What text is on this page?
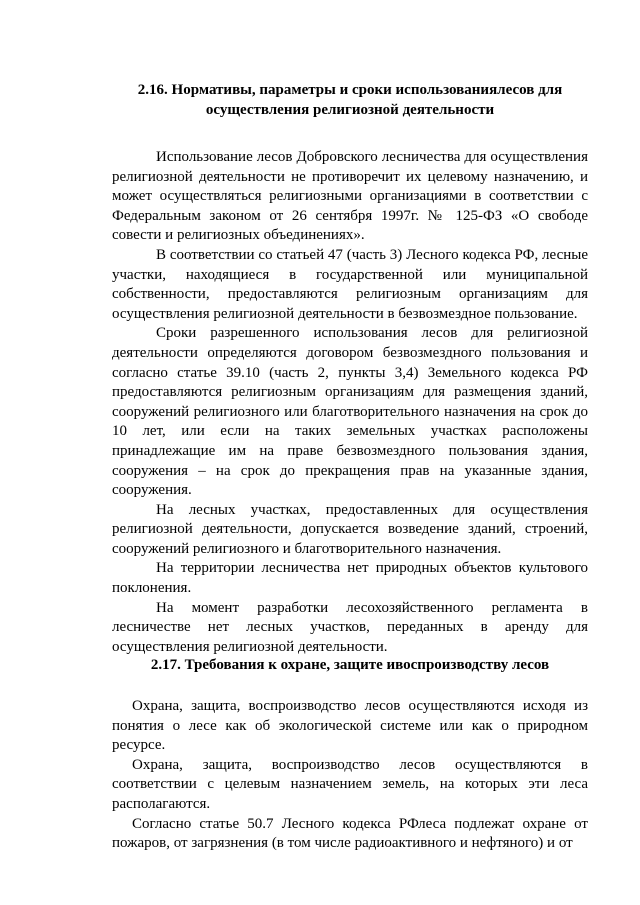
2.16. Нормативы, параметры и сроки использованиялесов для осуществления религиозной деятельности

Использование лесов Добровского лесничества для осуществления религиозной деятельности не противоречит их целевому назначению, и может осуществляться религиозными организациями в соответствии с Федеральным законом от 26 сентября 1997г. № 125-ФЗ «О свободе совести и религиозных объединениях».

В соответствии со статьей 47 (часть 3) Лесного кодекса РФ, лесные участки, находящиеся в государственной или муниципальной собственности, предоставляются религиозным организациям для осуществления религиозной деятельности в безвозмездное пользование.

Сроки разрешенного использования лесов для религиозной деятельности определяются договором безвозмездного пользования и согласно статье 39.10 (часть 2, пункты 3,4) Земельного кодекса РФ предоставляются религиозным организациям для размещения зданий, сооружений религиозного или благотворительного назначения на срок до 10 лет, или если на таких земельных участках расположены принадлежащие им на праве безвозмездного пользования здания, сооружения – на срок до прекращения прав на указанные здания, сооружения.

На лесных участках, предоставленных для осуществления религиозной деятельности, допускается возведение зданий, строений, сооружений религиозного и благотворительного назначения.

На территории лесничества нет природных объектов культового поклонения.

На момент разработки лесохозяйственного регламента в лесничестве нет лесных участков, переданных в аренду для осуществления религиозной деятельности.

2.17. Требования к охране, защите ивоспроизводству лесов

Охрана, защита, воспроизводство лесов осуществляются исходя из понятия о лесе как об экологической системе или как о природном ресурсе.

Охрана, защита, воспроизводство лесов осуществляются в соответствии с целевым назначением земель, на которых эти леса располагаются.

Согласно статье 50.7 Лесного кодекса РФлеса подлежат охране от пожаров, от загрязнения (в том числе радиоактивного и нефтяного) и от
